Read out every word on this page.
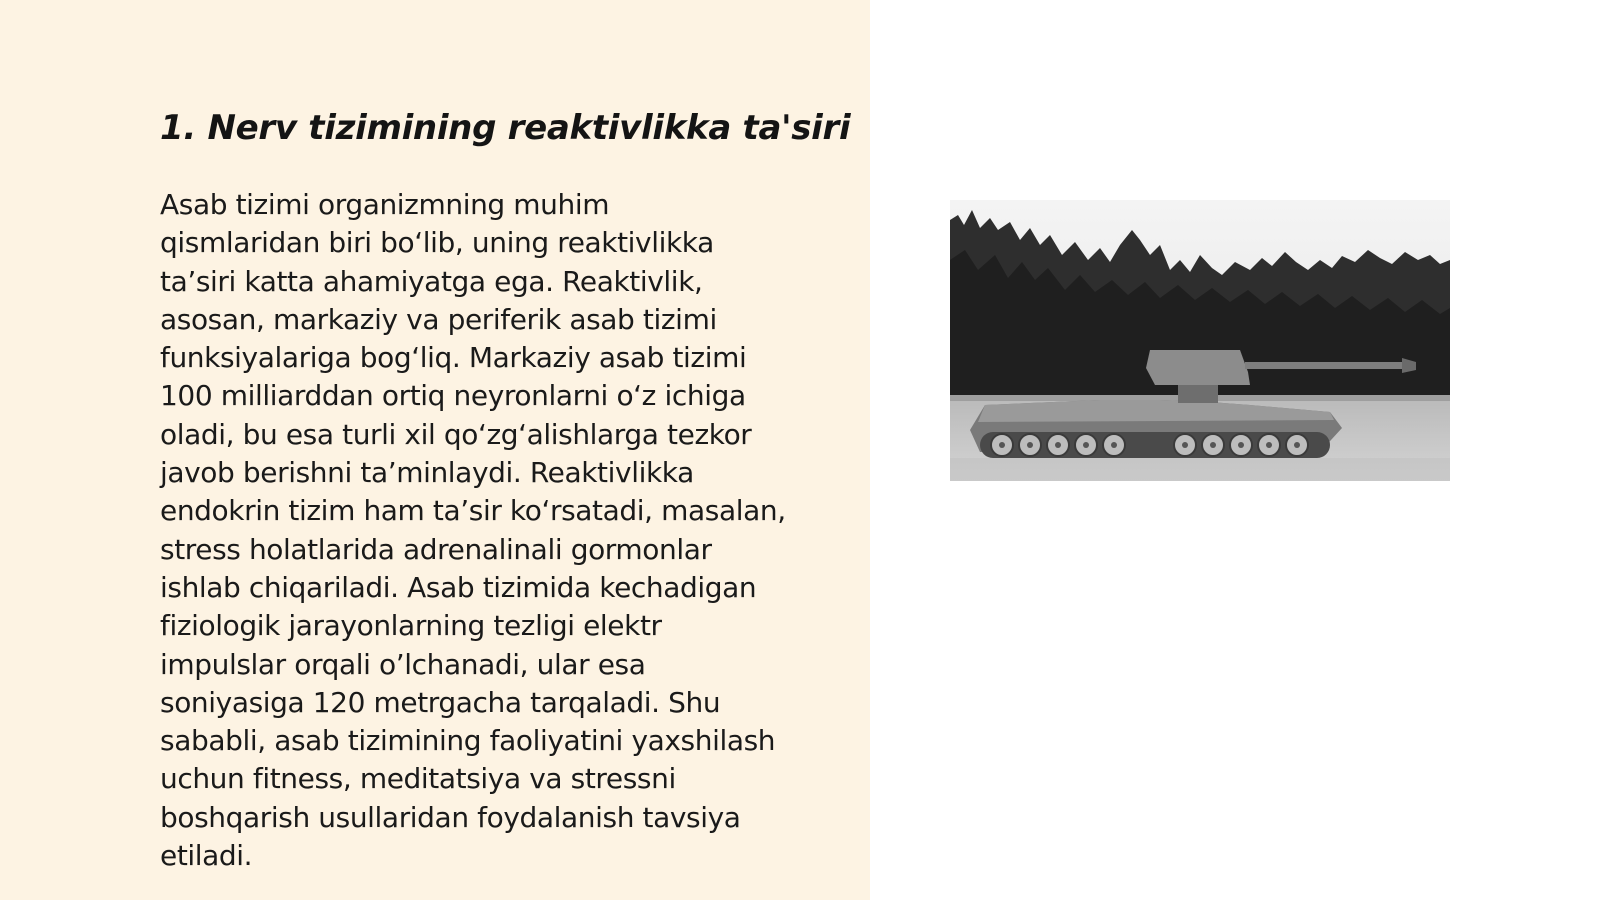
1. Nerv tizimining reaktivlikka ta'siri

Asab tizimi organizmning muhim
qismlaridan biri bo‘lib, uning reaktivlikka
ta’siri katta ahamiyatga ega. Reaktivlik,
asosan, markaziy va periferik asab tizimi
funksiyalariga bog‘liq. Markaziy asab tizimi
100 milliarddan ortiq neyronlarni o‘z ichiga
oladi, bu esa turli xil qo‘zg‘alishlarga tezkor
javob berishni ta’minlaydi. Reaktivlikka
endokrin tizim ham ta’sir ko‘rsatadi, masalan,
stress holatlarida adrenalinali gormonlar
ishlab chiqariladi. Asab tizimida kechadigan
fiziologik jarayonlarning tezligi elektr
impulslar orqali o’lchanadi, ular esa
soniyasiga 120 metrgacha tarqaladi. Shu
sababli, asab tizimining faoliyatini yaxshilash
uchun fitness, meditatsiya va stressni
boshqarish usullaridan foydalanish tavsiya
etiladi.
